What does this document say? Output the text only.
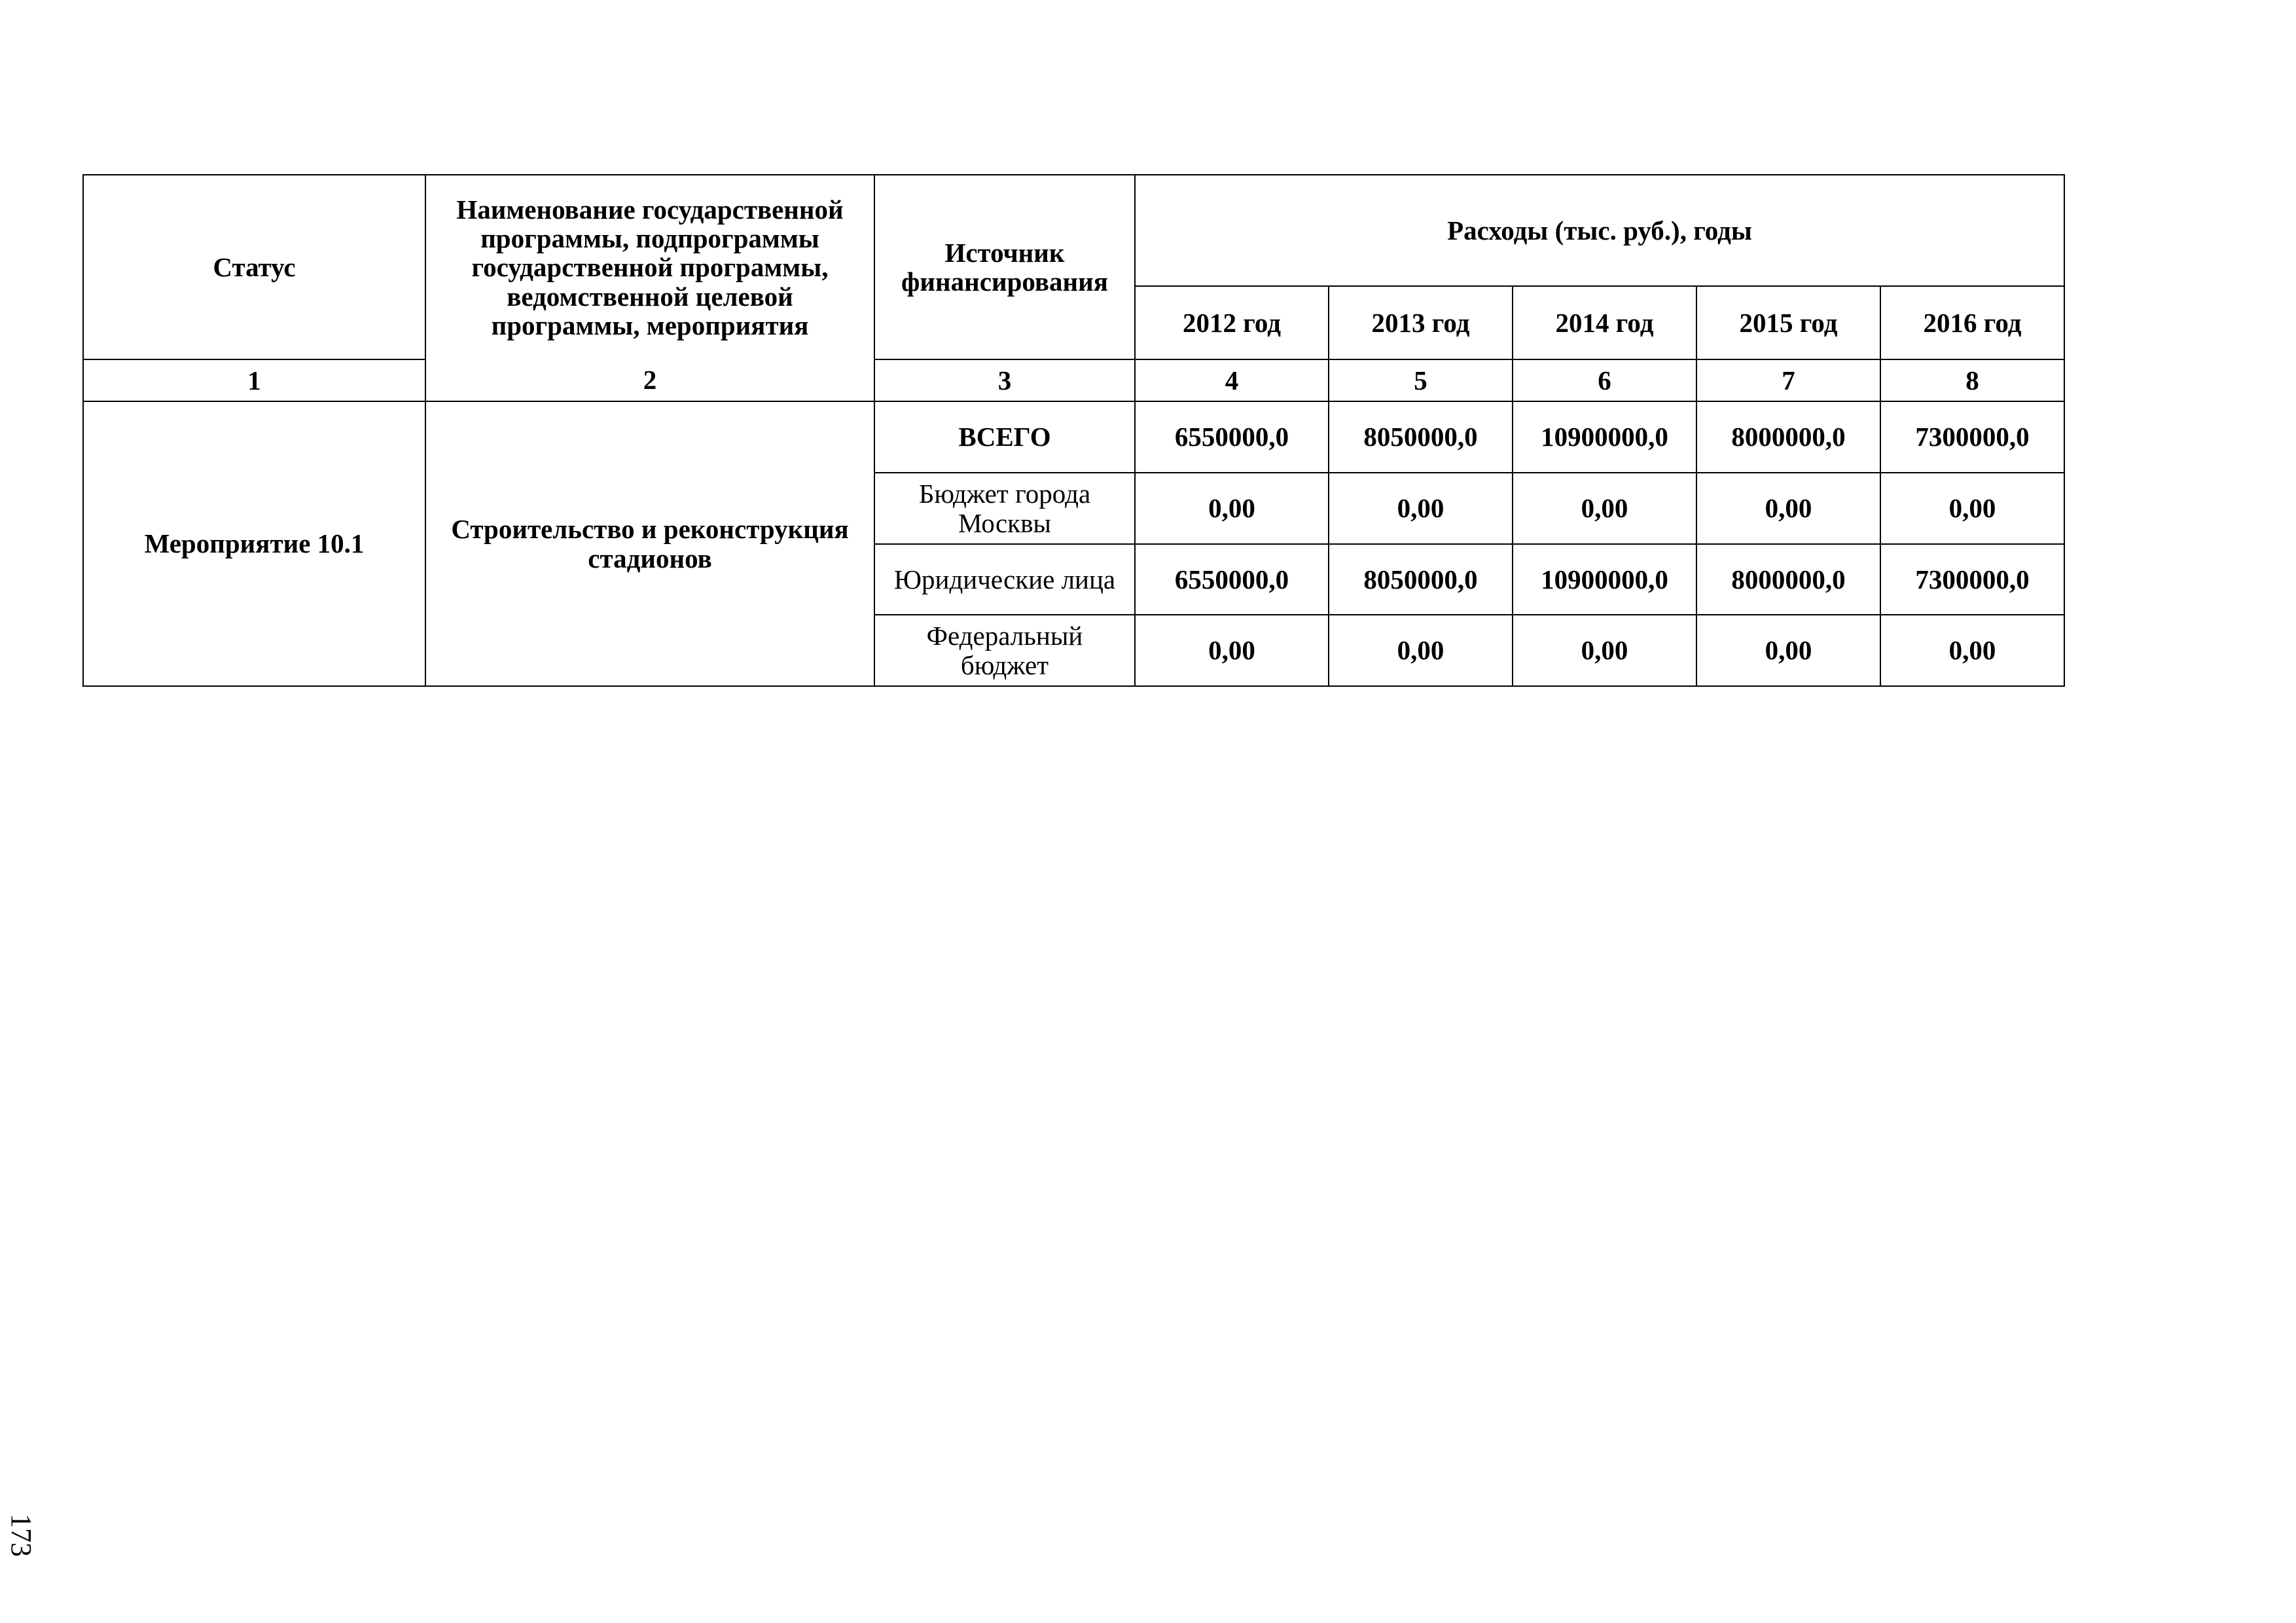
Статус	Наименование государственной программы, подпрограммы государственной программы, ведомственной целевой программы, мероприятия	Источник финансирования	Расходы (тыс. руб.), годы				
			2012 год	2013 год	2014 год	2015 год	2016 год
1	2	3	4	5	6	7	8
Мероприятие 10.1	Строительство и реконструкция стадионов	ВСЕГО	6550000,0	8050000,0	10900000,0	8000000,0	7300000,0
		Бюджет города Москвы	0,00	0,00	0,00	0,00	0,00
		Юридические лица	6550000,0	8050000,0	10900000,0	8000000,0	7300000,0
		Федеральный бюджет	0,00	0,00	0,00	0,00	0,00
173
